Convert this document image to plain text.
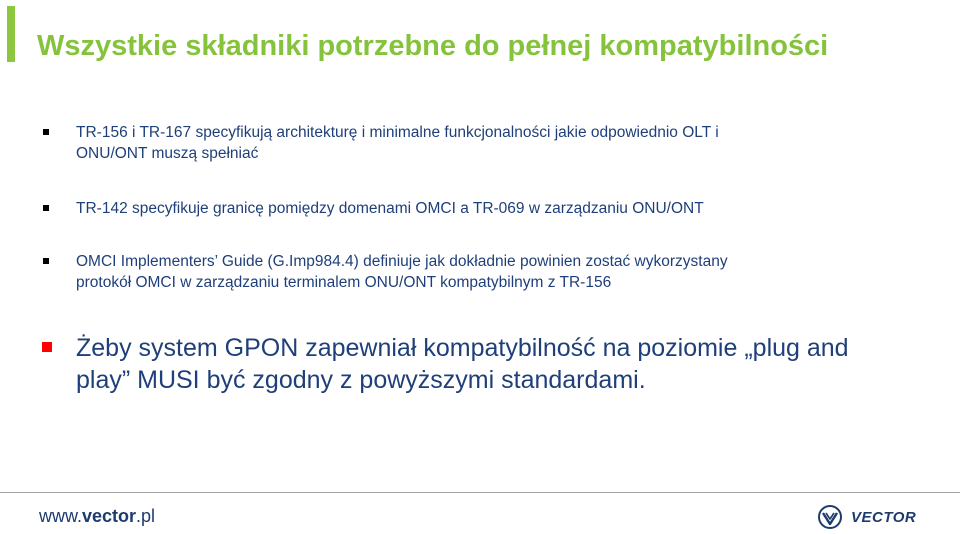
Wszystkie składniki potrzebne do pełnej kompatybilności
TR-156 i TR-167 specyfikują architekturę i minimalne funkcjonalności jakie odpowiednio OLT i
ONU/ONT muszą spełniać
TR-142 specyfikuje granicę pomiędzy domenami OMCI a TR-069 w zarządzaniu ONU/ONT
OMCI Implementers’ Guide (G.Imp984.4) definiuje jak dokładnie powinien zostać wykorzystany
protokół OMCI w zarządzaniu terminalem ONU/ONT kompatybilnym z TR-156
Żeby system GPON zapewniał kompatybilność na poziomie „plug and
play” MUSI być zgodny z powyższymi standardami.
www.vector.pl	VECTOR
